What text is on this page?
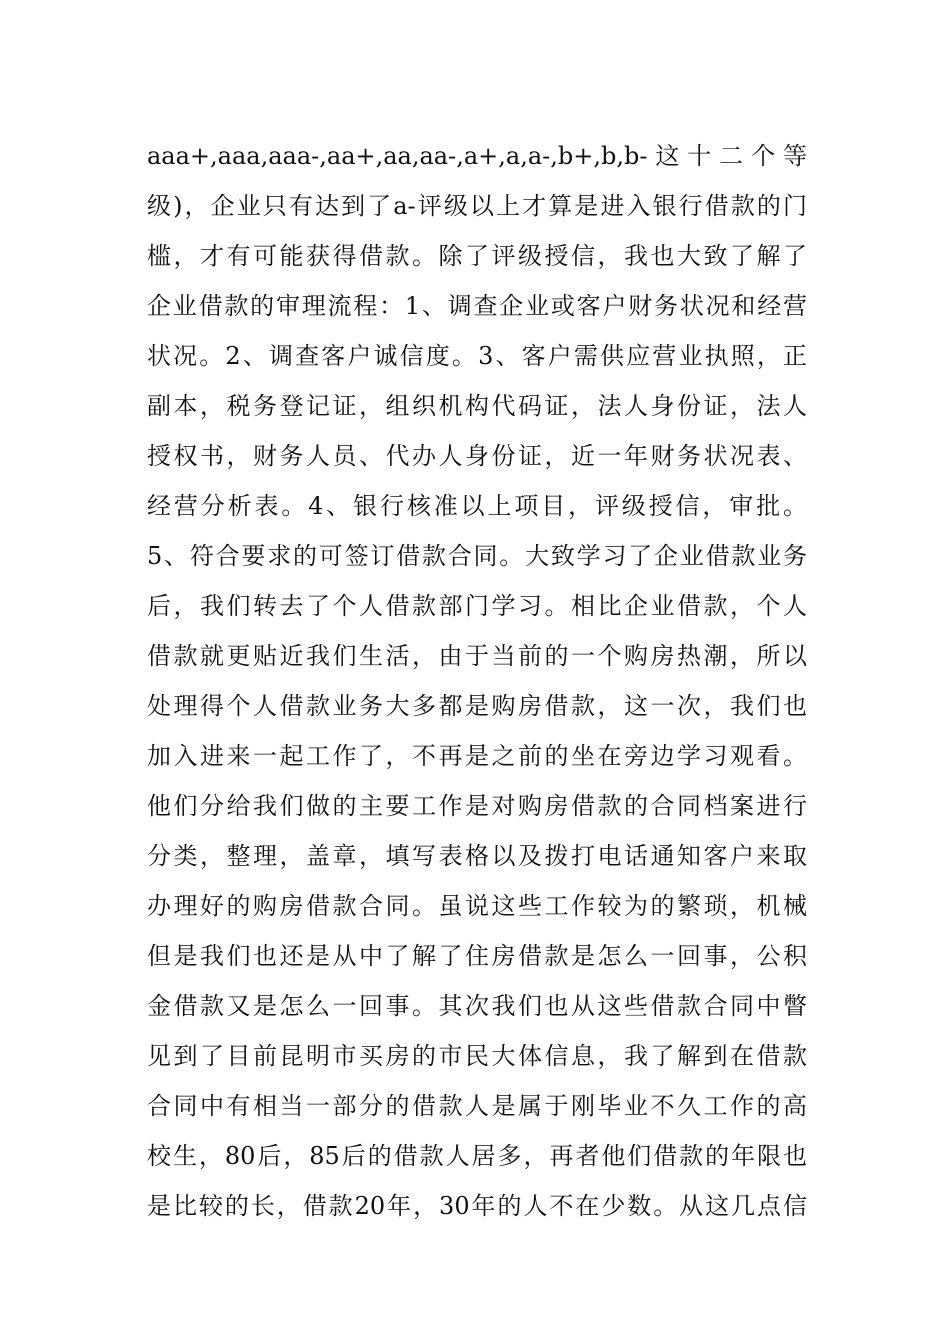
aaa+,aaa,aaa-,aa+,aa,aa-,a+,a,a-,b+,b,b-这十二个等
级)，企业只有达到了a-评级以上才算是进入银行借款的门
槛，才有可能获得借款。除了评级授信，我也大致了解了
企业借款的审理流程：1、调查企业或客户财务状况和经营
状况。2、调查客户诚信度。3、客户需供应营业执照，正
副本，税务登记证，组织机构代码证，法人身份证，法人
授权书，财务人员、代办人身份证，近一年财务状况表、
经营分析表。4、银行核准以上项目，评级授信，审批。
5、符合要求的可签订借款合同。大致学习了企业借款业务
后，我们转去了个人借款部门学习。相比企业借款，个人
借款就更贴近我们生活，由于当前的一个购房热潮，所以
处理得个人借款业务大多都是购房借款，这一次，我们也
加入进来一起工作了，不再是之前的坐在旁边学习观看。
他们分给我们做的主要工作是对购房借款的合同档案进行
分类，整理，盖章，填写表格以及拨打电话通知客户来取
办理好的购房借款合同。虽说这些工作较为的繁琐，机械
但是我们也还是从中了解了住房借款是怎么一回事，公积
金借款又是怎么一回事。其次我们也从这些借款合同中瞥
见到了目前昆明市买房的市民大体信息，我了解到在借款
合同中有相当一部分的借款人是属于刚毕业不久工作的高
校生，80后，85后的借款人居多，再者他们借款的年限也
是比较的长，借款20年，30年的人不在少数。从这几点信
